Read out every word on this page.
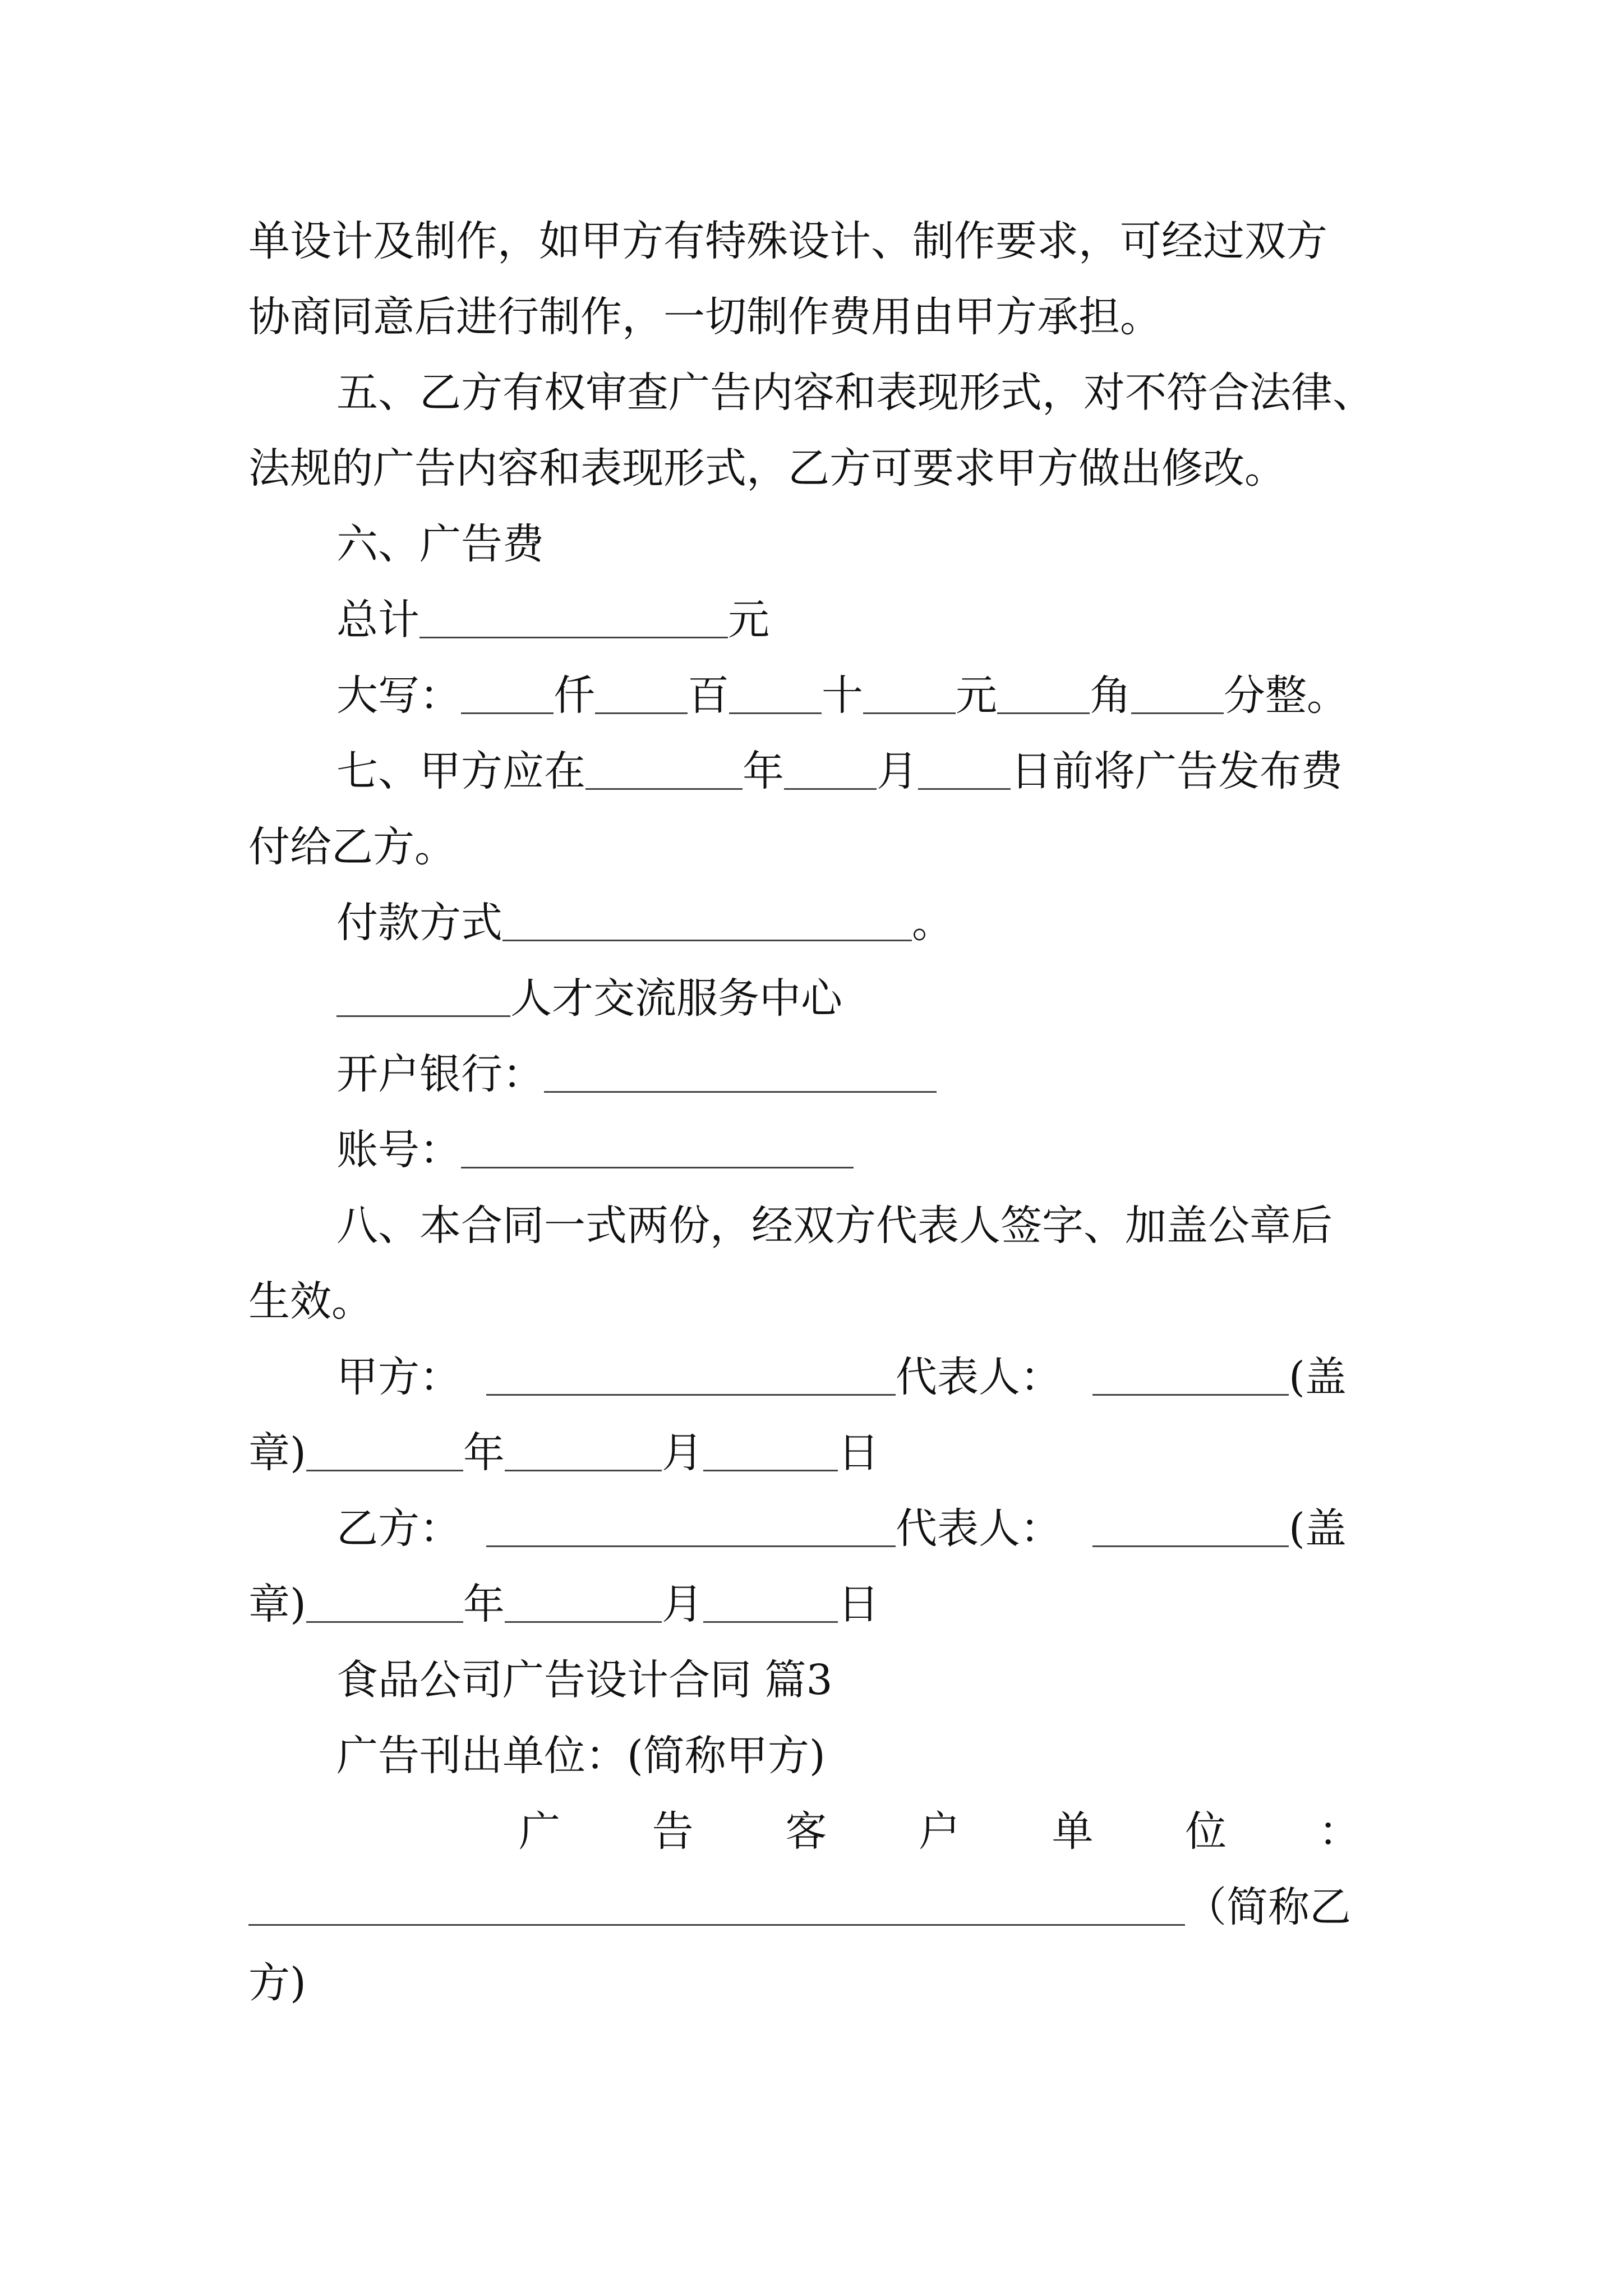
单设计及制作，如甲方有特殊设计、制作要求，可经过双方
协商同意后进行制作，一切制作费用由甲方承担。
五、乙方有权审查广告内容和表现形式，对不符合法律、
法规的广告内容和表现形式，乙方可要求甲方做出修改。
六、广告费
总计	元
大写： 仟 百 十 元 角 分整。
七、甲方应在	年 月 日前将广告发布费
付给乙方。
付款方式	。
人才交流服务中心
开户银行：
账号：
八、本合同一式两份，经双方代表人签字、加盖公章后
生效。
甲方：	代表人：	(盖
章)	年	月	日
乙方：	代表人：	(盖
章)	年	月	日
食品公司广告设计合同 篇3
广告刊出单位：(简称甲方)
广 告 客 户 单 位 ：
（简称乙
方)
